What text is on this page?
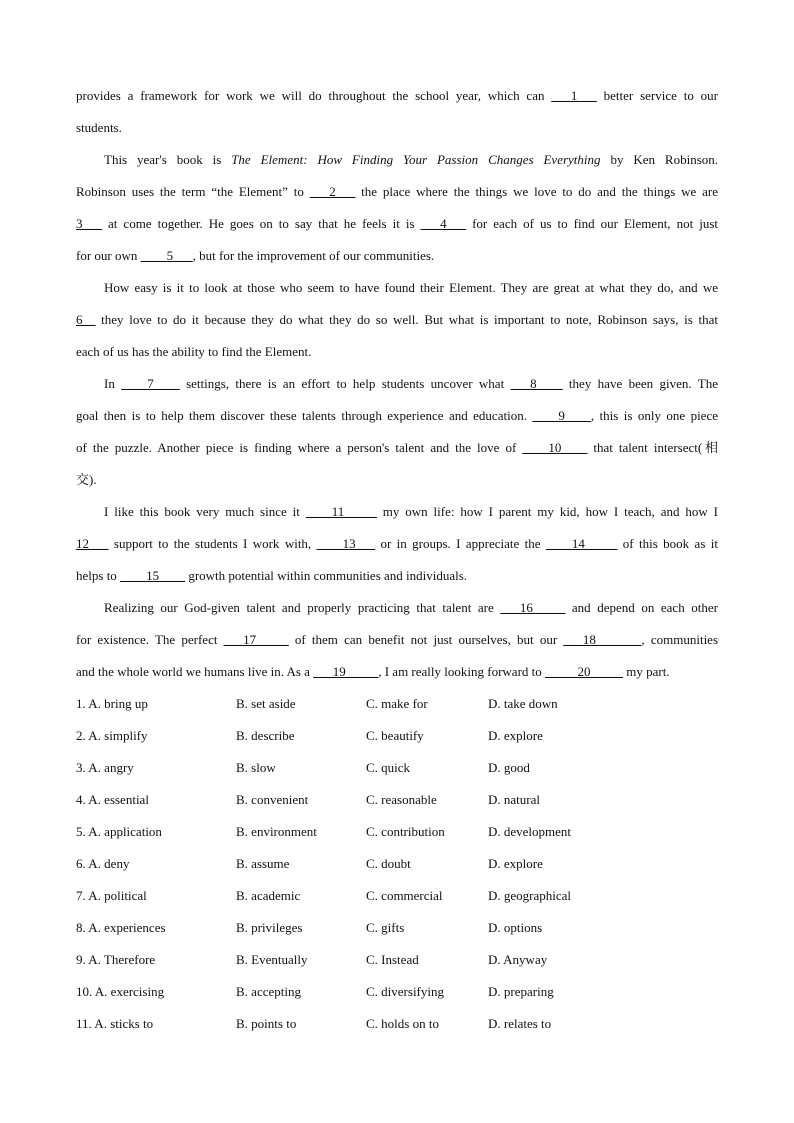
provides a framework for work we will do throughout the school year, which can ___1___ better service to our
students.
This year's book is The Element: How Finding Your Passion Changes Everything by Ken Robinson.
Robinson uses the term “the Element” to ___2___ the place where the things we love to do and the things we are
3___ at come together. He goes on to say that he feels it is ___4___ for each of us to find our Element, not just
for our own ____5___, but for the improvement of our communities.
How easy is it to look at those who seem to have found their Element. They are great at what they do, and we
6__ they love to do it because they do what they do so well. But what is important to note, Robinson says, is that
each of us has the ability to find the Element.
In ____7____ settings, there is an effort to help students uncover what ___8____ they have been given. The
goal then is to help them discover these talents through experience and education. ____9____, this is only one piece
of the puzzle. Another piece is finding where a person's talent and the love of ____10____ that talent intersect(相
交).
I like this book very much since it ____11_____ my own life: how I parent my kid, how I teach, and how I
12___ support to the students I work with, ____13___ or in groups. I appreciate the ____14_____ of this book as it
helps to ____15____ growth potential within communities and individuals.
Realizing our God-given talent and properly practicing that talent are ___16_____ and depend on each other
for existence. The perfect ___17_____ of them can benefit not just ourselves, but our ___18_______, communities
and the whole world we humans live in. As a ___19_____, I am really looking forward to _____20_____ my part.
1. A. bring up	B. set aside	C. make for	D. take down
2. A. simplify	B. describe	C. beautify	D. explore
3. A. angry	B. slow	C. quick	D. good
4. A. essential	B. convenient	C. reasonable	D. natural
5. A. application	B. environment	C. contribution	D. development
6. A. deny	B. assume	C. doubt	D. explore
7. A. political	B. academic	C. commercial	D. geographical
8. A. experiences	B. privileges	C. gifts	D. options
9. A. Therefore	B. Eventually	C. Instead	D. Anyway
10. A. exercising	B. accepting	C. diversifying	D. preparing
11. A. sticks to	B. points to	C. holds on to	D. relates to
